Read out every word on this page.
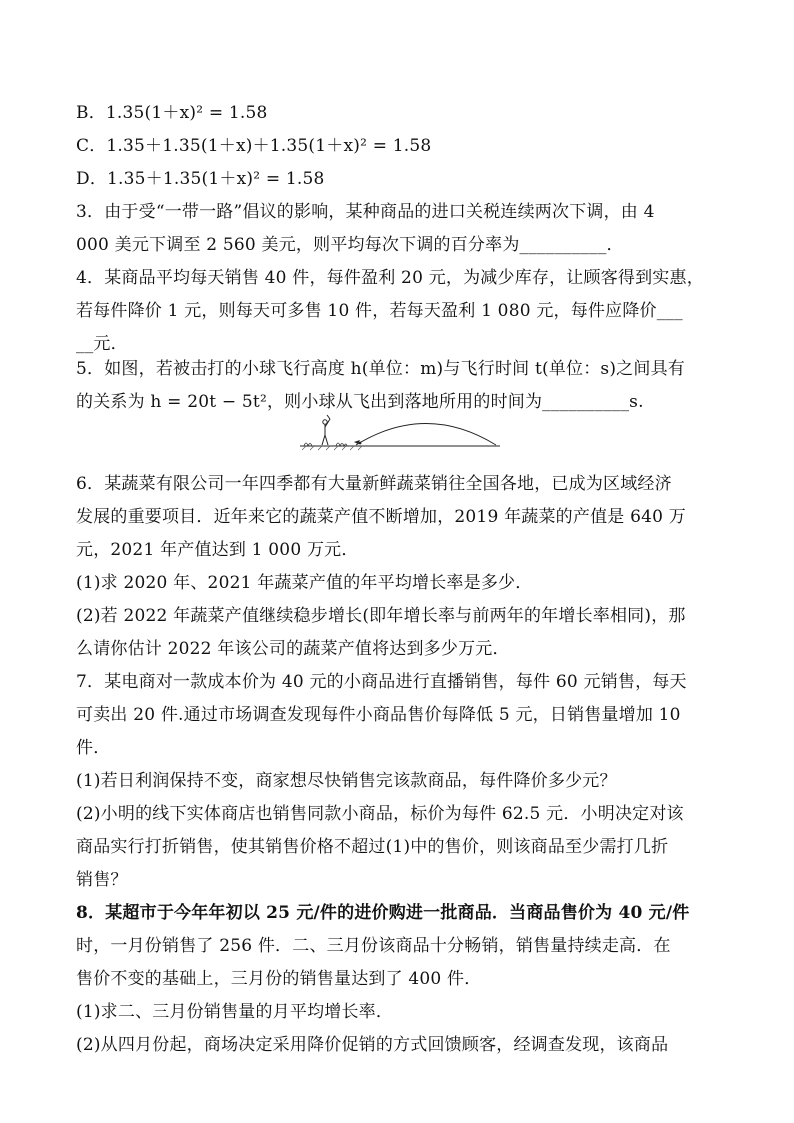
B．1.35(1＋x)² = 1.58
C．1.35＋1.35(1＋x)＋1.35(1＋x)² = 1.58
D．1.35＋1.35(1＋x)² = 1.58
3．由于受“一带一路”倡议的影响，某种商品的进口关税连续两次下调，由 4
000 美元下调至 2 560 美元，则平均每次下调的百分率为__________．
4．某商品平均每天销售 40 件，每件盈利 20 元，为减少库存，让顾客得到实惠，
若每件降价 1 元，则每天可多售 10 件，若每天盈利 1 080 元，每件应降价___
__元．
5．如图，若被击打的小球飞行高度 h(单位：m)与飞行时间 t(单位：s)之间具有
的关系为 h = 20t − 5t²，则小球从飞出到落地所用的时间为__________s.
6．某蔬菜有限公司一年四季都有大量新鲜蔬菜销往全国各地，已成为区域经济
发展的重要项目．近年来它的蔬菜产值不断增加，2019 年蔬菜的产值是 640 万
元，2021 年产值达到 1 000 万元．
(1)求 2020 年、2021 年蔬菜产值的年平均增长率是多少．
(2)若 2022 年蔬菜产值继续稳步增长(即年增长率与前两年的年增长率相同)，那
么请你估计 2022 年该公司的蔬菜产值将达到多少万元．
7．某电商对一款成本价为 40 元的小商品进行直播销售，每件 60 元销售，每天
可卖出 20 件.通过市场调查发现每件小商品售价每降低 5 元，日销售量增加 10
件．
(1)若日利润保持不变，商家想尽快销售完该款商品，每件降价多少元？
(2)小明的线下实体商店也销售同款小商品，标价为每件 62.5 元．小明决定对该
商品实行打折销售，使其销售价格不超过(1)中的售价，则该商品至少需打几折
销售？
8．某超市于今年年初以 25 元/件的进价购进一批商品．当商品售价为 40 元/件
时，一月份销售了 256 件．二、三月份该商品十分畅销，销售量持续走高．在
售价不变的基础上，三月份的销售量达到了 400 件．
(1)求二、三月份销售量的月平均增长率．
(2)从四月份起，商场决定采用降价促销的方式回馈顾客，经调查发现，该商品
